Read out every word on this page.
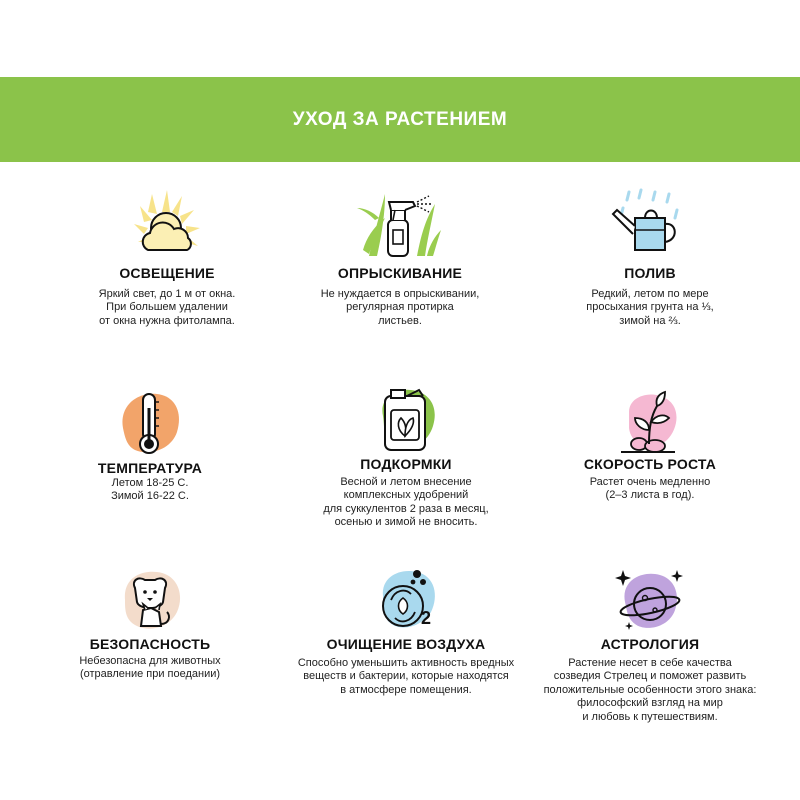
УХОД ЗА РАСТЕНИЕМ
ОСВЕЩЕНИЕ
Яркий свет, до 1 м от окна.
При большем удалении
от окна нужна фитолампа.
ОПРЫСКИВАНИЕ
Не нуждается в опрыскивании,
регулярная протирка
листьев.
ПОЛИВ
Редкий, летом по мере
просыхания грунта на ⅓,
зимой на ⅔.
ТЕМПЕРАТУРА
Летом 18-25 С.
Зимой 16-22 С.
ПОДКОРМКИ
Весной и летом внесение
комплексных удобрений
для суккулентов 2 раза в месяц,
осенью и зимой не вносить.
СКОРОСТЬ РОСТА
Растет очень медленно
(2–3 листа в год).
БЕЗОПАСНОСТЬ
Небезопасна для животных
(отравление при поедании)
2
ОЧИЩЕНИЕ ВОЗДУХА
Способно уменьшить активность вредных
веществ и бактерии, которые находятся
в атмосфере помещения.
АСТРОЛОГИЯ
Растение несет в себе качества
созведия Стрелец и поможет развить
положительные особенности этого знака:
философский взгляд на мир
и любовь к путешествиям.
